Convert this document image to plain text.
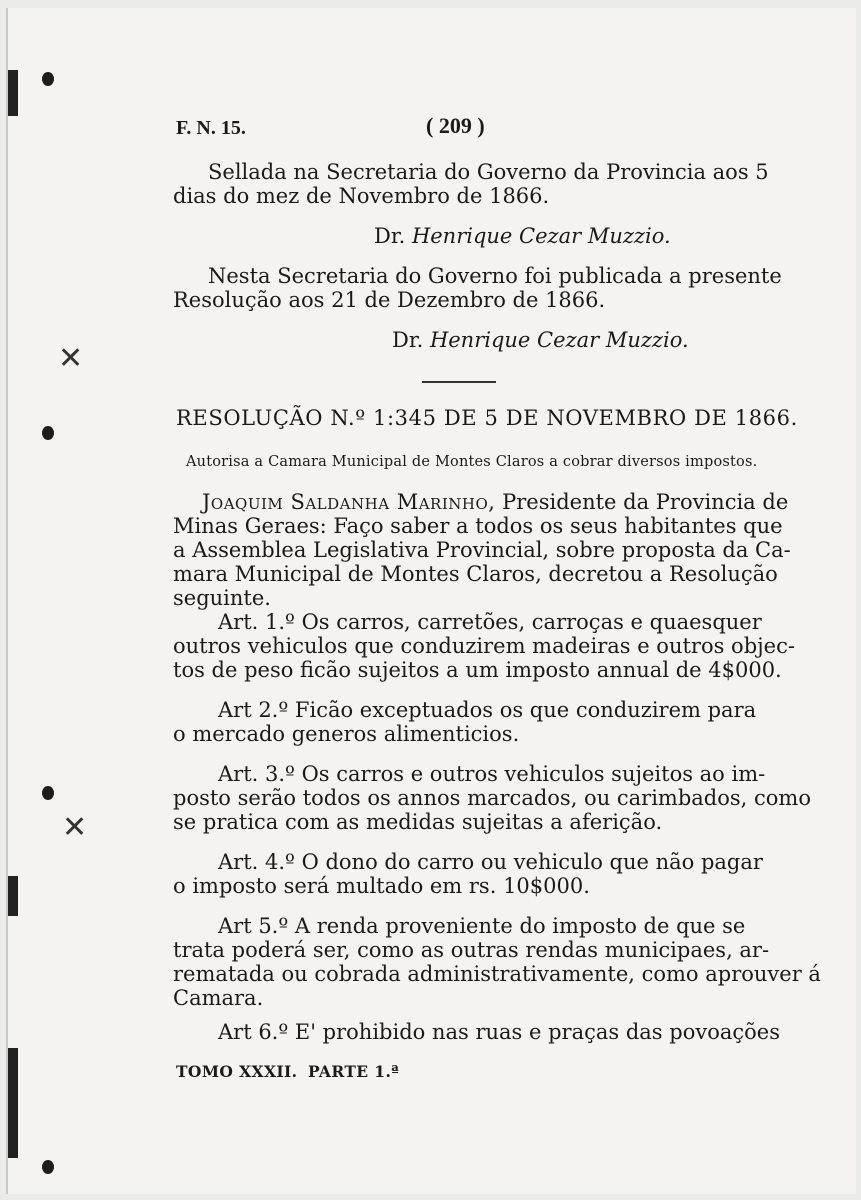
✕
✕
F. N. 15.	( 209 )
Sellada na Secretaria do Governo da Provincia aos 5
dias do mez de Novembro de 1866.
Dr. Henrique Cezar Muzzio.
Nesta Secretaria do Governo foi publicada a presente
Resolução aos 21 de Dezembro de 1866.
Dr. Henrique Cezar Muzzio.
RESOLUÇÃO N.º 1:345 DE 5 DE NOVEMBRO DE 1866.
Autorisa a Camara Municipal de Montes Claros a cobrar diversos impostos.
Joaquim Saldanha Marinho, Presidente da Provincia de
Minas Geraes: Faço saber a todos os seus habitantes que
a Assemblea Legislativa Provincial, sobre proposta da Ca-
mara Municipal de Montes Claros, decretou a Resolução
seguinte.
Art. 1.º Os carros, carretões, carroças e quaesquer
outros vehiculos que conduzirem madeiras e outros objec-
tos de peso ficão sujeitos a um imposto annual de 4$000.
Art 2.º Ficão exceptuados os que conduzirem para
o mercado generos alimenticios.
Art. 3.º Os carros e outros vehiculos sujeitos ao im-
posto serão todos os annos marcados, ou carimbados, como
se pratica com as medidas sujeitas a aferição.
Art. 4.º O dono do carro ou vehiculo que não pagar
o imposto será multado em rs. 10$000.
Art 5.º A renda proveniente do imposto de que se
trata poderá ser, como as outras rendas municipaes, ar-
rematada ou cobrada administrativamente, como aprouver á
Camara.
Art 6.º E' prohibido nas ruas e praças das povoações
TOMO XXXII. PARTE 1.ª
